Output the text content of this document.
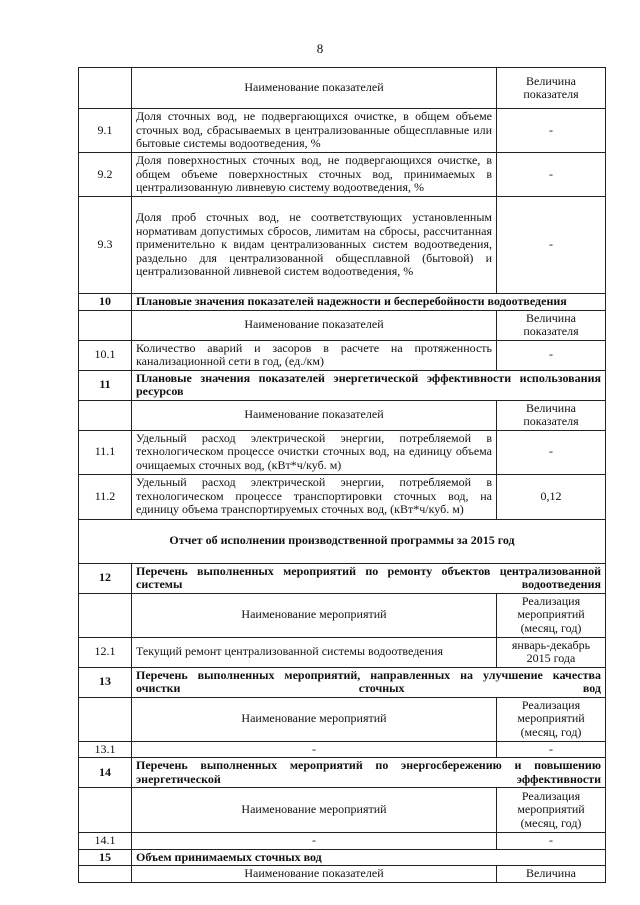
8
	Наименование показателей	Величина показателя
9.1	Доля сточных вод, не подвергающихся очистке, в общем объеме сточных вод, сбрасываемых в централизованные общесплавные или бытовые системы водоотведения, %	-
9.2	Доля поверхностных сточных вод, не подвергающихся очистке, в общем объеме поверхностных сточных вод, принимаемых в централизованную ливневую систему водоотведения, %	-
9.3	Доля проб сточных вод, не соответствующих установленным нормативам допустимых сбросов, лимитам на сбросы, рассчитанная применительно к видам централизованных систем водоотведения, раздельно для централизованной общесплавной (бытовой) и централизованной ливневой систем водоотведения, %	-
10	Плановые значения показателей надежности и бесперебойности водоотведения	
	Наименование показателей	Величина показателя
10.1	Количество аварий и засоров в расчете на протяженность канализационной сети в год, (ед./км)	-
11	Плановые значения показателей энергетической эффективности использования ресурсов	
	Наименование показателей	Величина показателя
11.1	Удельный расход электрической энергии, потребляемой в технологическом процессе очистки сточных вод, на единицу объема очищаемых сточных вод, (кВт*ч/куб. м)	-
11.2	Удельный расход электрической энергии, потребляемой в технологическом процессе транспортировки сточных вод, на единицу объема транспортируемых сточных вод, (кВт*ч/куб. м)	0,12
Отчет об исполнении производственной программы за 2015 год		
12	Перечень выполненных мероприятий по ремонту объектов централизованной системы водоотведения	
	Наименование мероприятий	Реализация мероприятий (месяц, год)
12.1	Текущий ремонт централизованной системы водоотведения	январь-декабрь 2015 года
13	Перечень выполненных мероприятий, направленных на улучшение качества очистки сточных вод	
	Наименование мероприятий	Реализация мероприятий (месяц, год)
13.1	-	-
14	Перечень выполненных мероприятий по энергосбережению и повышению энергетической эффективности	
	Наименование мероприятий	Реализация мероприятий (месяц, год)
14.1	-	-
15	Объем принимаемых сточных вод	
	Наименование показателей	Величина
